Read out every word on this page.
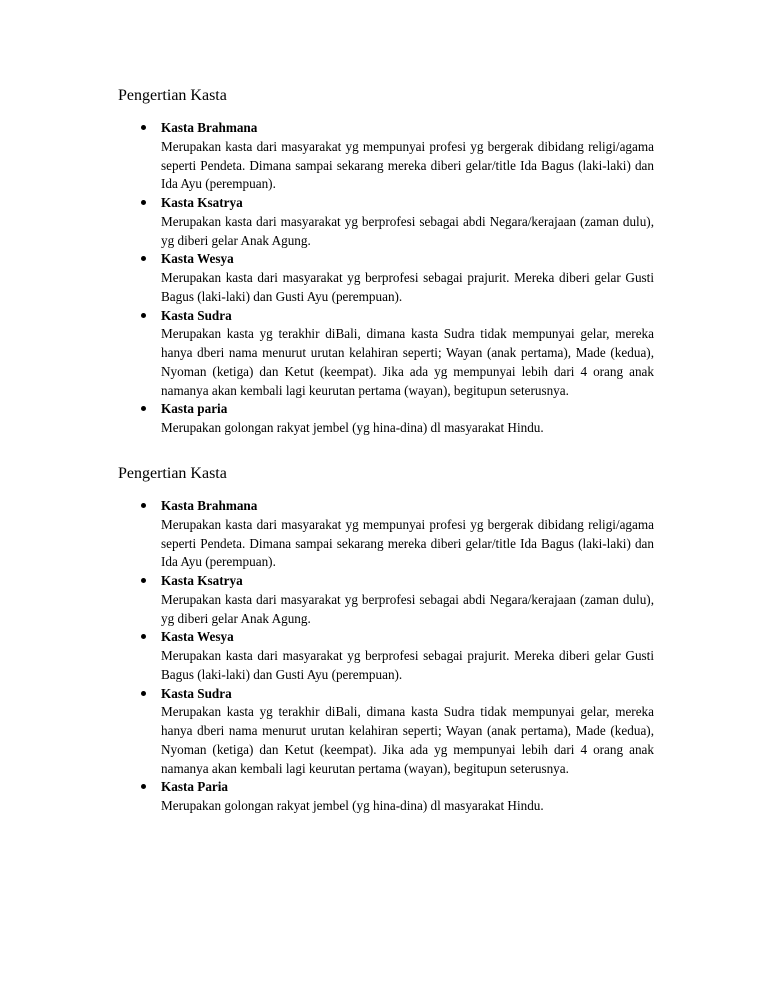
Pengertian Kasta
Kasta Brahmana
Merupakan kasta dari masyarakat yg mempunyai profesi yg bergerak dibidang religi/agama seperti Pendeta. Dimana sampai sekarang mereka diberi gelar/title Ida Bagus (laki-laki) dan Ida Ayu (perempuan).
Kasta Ksatrya
Merupakan kasta dari masyarakat yg berprofesi sebagai abdi Negara/kerajaan (zaman dulu), yg diberi gelar Anak Agung.
Kasta Wesya
Merupakan kasta dari masyarakat yg berprofesi sebagai prajurit. Mereka diberi gelar Gusti Bagus (laki-laki) dan Gusti Ayu (perempuan).
Kasta Sudra
Merupakan kasta yg terakhir diBali, dimana kasta Sudra tidak mempunyai gelar, mereka hanya dberi nama menurut urutan kelahiran seperti; Wayan (anak pertama), Made (kedua), Nyoman (ketiga) dan Ketut (keempat). Jika ada yg mempunyai lebih dari 4 orang anak namanya akan kembali lagi keurutan pertama (wayan), begitupun seterusnya.
Kasta paria
Merupakan golongan rakyat jembel (yg hina-dina) dl masyarakat Hindu.
Pengertian Kasta
Kasta Brahmana
Merupakan kasta dari masyarakat yg mempunyai profesi yg bergerak dibidang religi/agama seperti Pendeta. Dimana sampai sekarang mereka diberi gelar/title Ida Bagus (laki-laki) dan Ida Ayu (perempuan).
Kasta Ksatrya
Merupakan kasta dari masyarakat yg berprofesi sebagai abdi Negara/kerajaan (zaman dulu), yg diberi gelar Anak Agung.
Kasta Wesya
Merupakan kasta dari masyarakat yg berprofesi sebagai prajurit. Mereka diberi gelar Gusti Bagus (laki-laki) dan Gusti Ayu (perempuan).
Kasta Sudra
Merupakan kasta yg terakhir diBali, dimana kasta Sudra tidak mempunyai gelar, mereka hanya dberi nama menurut urutan kelahiran seperti; Wayan (anak pertama), Made (kedua), Nyoman (ketiga) dan Ketut (keempat). Jika ada yg mempunyai lebih dari 4 orang anak namanya akan kembali lagi keurutan pertama (wayan), begitupun seterusnya.
Kasta Paria
Merupakan golongan rakyat jembel (yg hina-dina) dl masyarakat Hindu.
